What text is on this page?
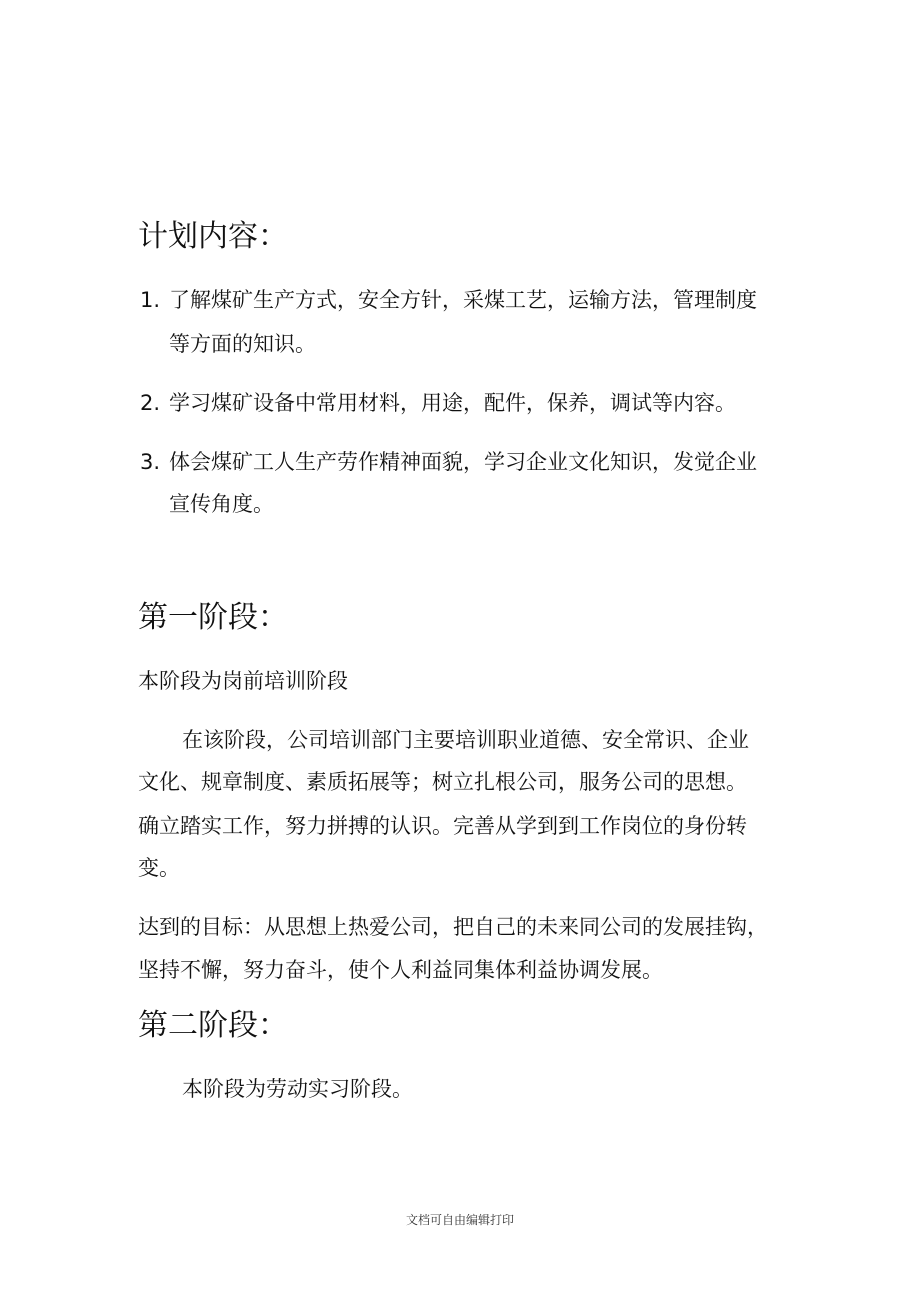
计划内容：
1. 了解煤矿生产方式，安全方针，采煤工艺，运输方法，管理制度
等方面的知识。
2. 学习煤矿设备中常用材料，用途，配件，保养，调试等内容。
3. 体会煤矿工人生产劳作精神面貌，学习企业文化知识，发觉企业
宣传角度。
第一阶段：
本阶段为岗前培训阶段
在该阶段，公司培训部门主要培训职业道德、安全常识、企业
文化、规章制度、素质拓展等；树立扎根公司，服务公司的思想。
确立踏实工作，努力拼搏的认识。完善从学到到工作岗位的身份转
变。
达到的目标：从思想上热爱公司，把自己的未来同公司的发展挂钩，
坚持不懈，努力奋斗，使个人利益同集体利益协调发展。
第二阶段：
本阶段为劳动实习阶段。
文档可自由编辑打印
